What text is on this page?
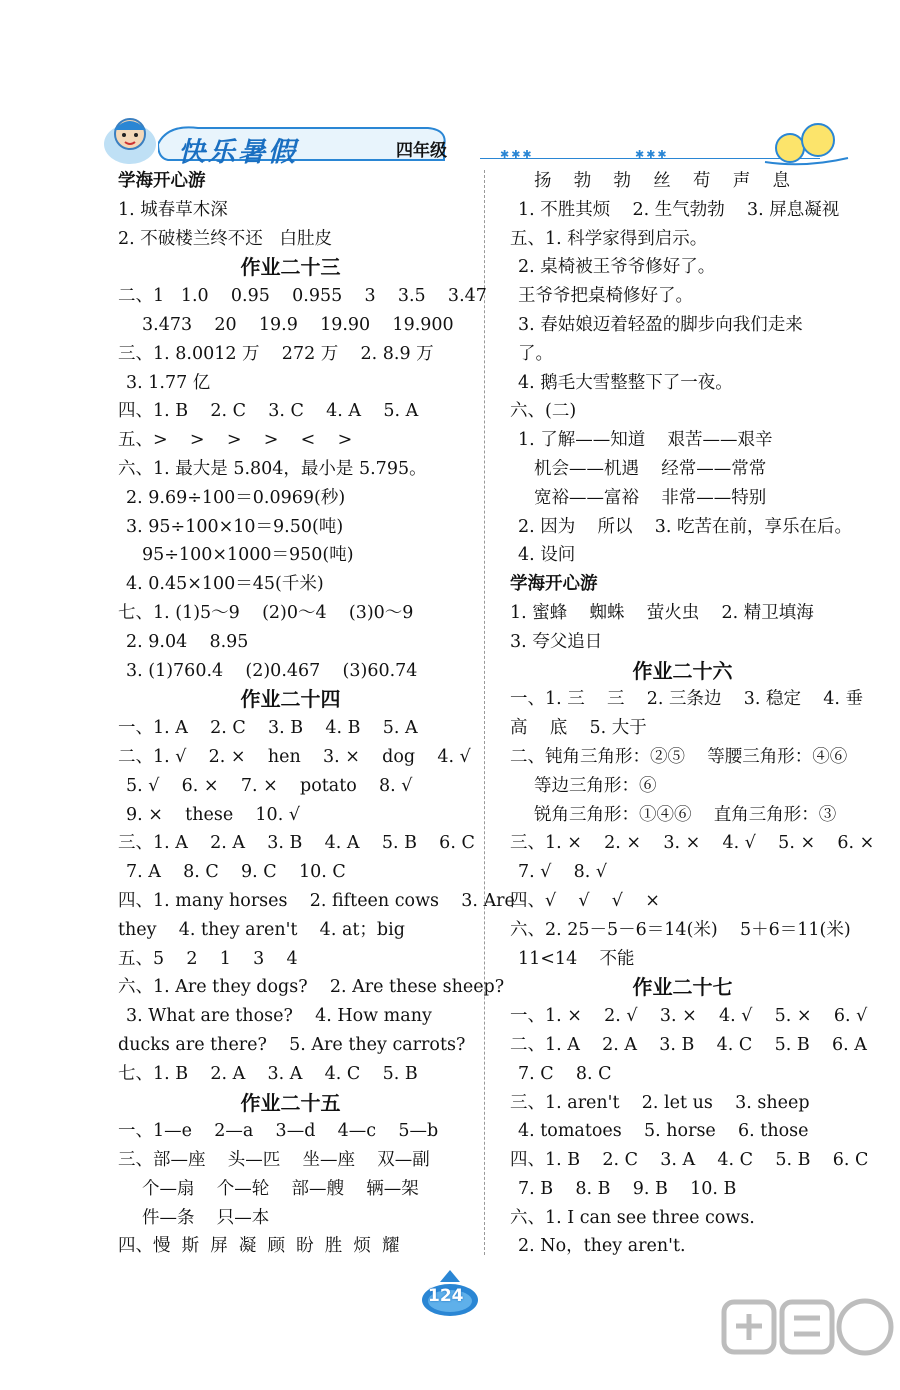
快乐暑假	四年级	✱✱✱	✱✱✱
学海开心游
1. 城春草木深
2. 不破楼兰终不还   白肚皮
作业二十三
二、1   1.0    0.95    0.955    3    3.5    3.47
3.473    20    19.9    19.90    19.900
三、1. 8.0012 万    272 万    2. 8.9 万
3. 1.77 亿
四、1. B    2. C    3. C    4. A    5. A
五、>    >    >    >    <    >
六、1. 最大是 5.804，最小是 5.795。
2. 9.69÷100＝0.0969(秒)
3. 95÷100×10＝9.50(吨)
95÷100×1000＝950(吨)
4. 0.45×100＝45(千米)
七、1. (1)5～9    (2)0～4    (3)0～9
2. 9.04    8.95
3. (1)760.4    (2)0.467    (3)60.74
作业二十四
一、1. A    2. C    3. B    4. B    5. A
二、1. √    2. ×    hen    3. ×    dog    4. √
5. √    6. ×    7. ×    potato    8. √
9. ×    these    10. √
三、1. A    2. A    3. B    4. A    5. B    6. C
7. A    8. C    9. C    10. C
四、1. many horses    2. fifteen cows    3. Are
they    4. they aren't    4. at；big
五、5    2    1    3    4
六、1. Are they dogs?    2. Are these sheep?
3. What are those?    4. How many
ducks are there?    5. Are they carrots?
七、1. B    2. A    3. A    4. C    5. B
作业二十五
一、1—e    2—a    3—d    4—c    5—b
三、部—座    头—匹    坐—座    双—副
个—扇    个—轮    部—艘    辆—架
件—条    只—本
四、慢  斯  屏  凝  顾  盼  胜  烦  耀
扬    勃    勃    丝    苟    声    息
1. 不胜其烦    2. 生气勃勃    3. 屏息凝视
五、1. 科学家得到启示。
2. 桌椅被王爷爷修好了。
王爷爷把桌椅修好了。
3. 春姑娘迈着轻盈的脚步向我们走来
了。
4. 鹅毛大雪整整下了一夜。
六、(二)
1. 了解——知道    艰苦——艰辛
机会——机遇    经常——常常
宽裕——富裕    非常——特别
2. 因为    所以    3. 吃苦在前，享乐在后。
4. 设问
学海开心游
1. 蜜蜂    蜘蛛    萤火虫    2. 精卫填海
3. 夸父追日
作业二十六
一、1. 三    三    2. 三条边    3. 稳定    4. 垂
高    底    5. 大于
二、钝角三角形：②⑤    等腰三角形：④⑥
等边三角形：⑥
锐角三角形：①④⑥    直角三角形：③
三、1. ×    2. ×    3. ×    4. √    5. ×    6. ×
7. √    8. √
四、√    √    √    ×
六、2. 25－5－6＝14(米)    5＋6＝11(米)
11<14    不能
作业二十七
一、1. ×    2. √    3. ×    4. √    5. ×    6. √
二、1. A    2. A    3. B    4. C    5. B    6. A
7. C    8. C
三、1. aren't    2. let us    3. sheep
4. tomatoes    5. horse    6. those
四、1. B    2. C    3. A    4. C    5. B    6. C
7. B    8. B    9. B    10. B
六、1. I can see three cows.
2. No，they aren't.
124
